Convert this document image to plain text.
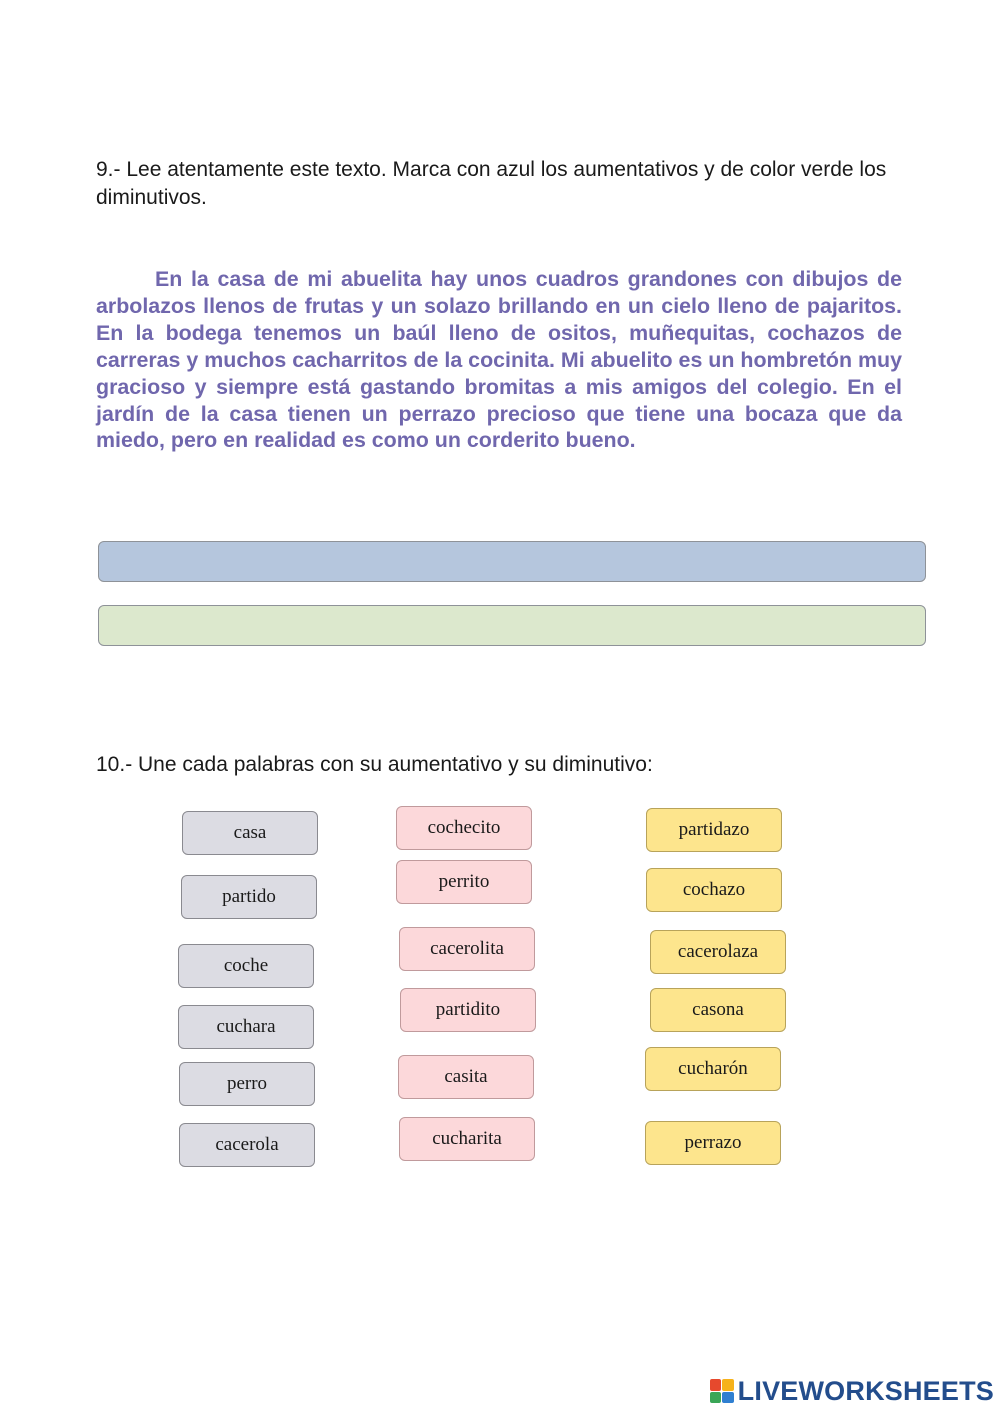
9.- Lee atentamente este texto. Marca con azul los aumentativos y de color verde los diminutivos.

En la casa de mi abuelita hay unos cuadros grandones con dibujos de arbolazos llenos de frutas y un solazo brillando en un cielo lleno de pajaritos. En la bodega tenemos un baúl lleno de ositos, muñequitas, cochazos de carreras y muchos cacharritos de la cocinita. Mi abuelito es un hombretón muy gracioso y siempre está gastando bromitas a mis amigos del colegio. En el jardín de la casa tienen un perrazo precioso que tiene una bocaza que da miedo, pero en realidad es como un corderito bueno.

10.- Une cada palabras con su aumentativo y su diminutivo:

casa
partido
coche
cuchara
perro
cacerola
cochecito
perrito
cacerolita
partidito
casita
cucharita
partidazo
cochazo
cacerolaza
casona
cucharón
perrazo
LIVEWORKSHEETS
